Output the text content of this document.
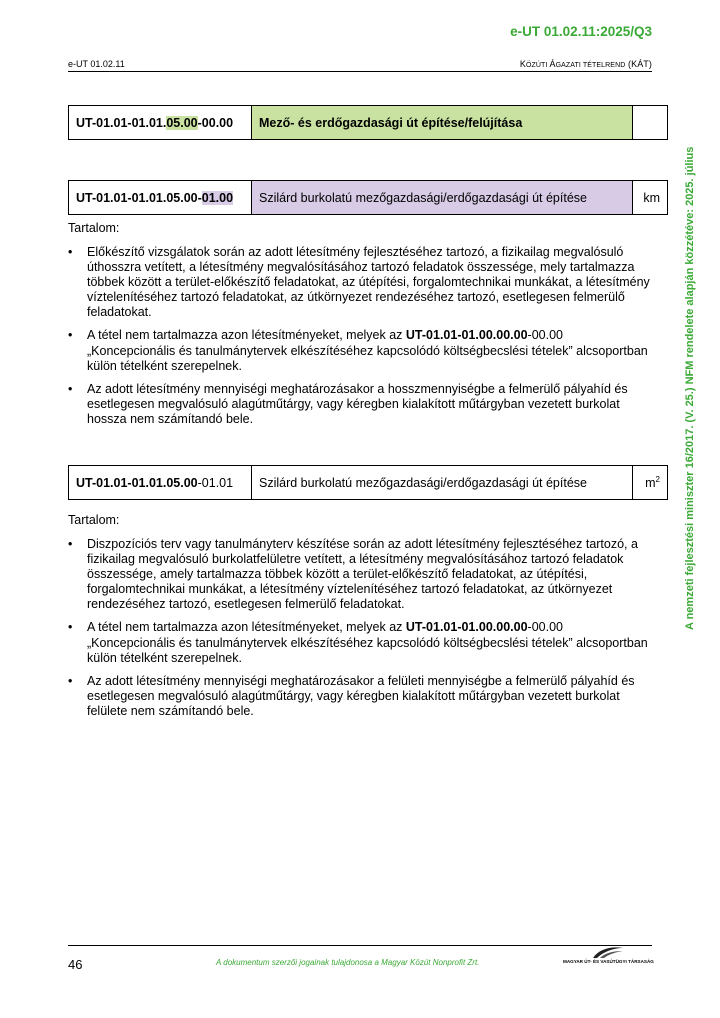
e-UT 01.02.11:2025/Q3
e-UT 01.02.11	KÖZÚTI ÁGAZATI TÉTELREND (KÁT)
A nemzeti fejlesztési miniszter 16/2017. (V. 25.) NFM rendelete alapján közzétéve: 2025. július
UT-01.01-01.01.05.00-00.00	Mező- és erdőgazdasági út építése/felújítása	
UT-01.01-01.01.05.00-01.00	Szilárd burkolatú mezőgazdasági/erdőgazdasági út építése	km
Tartalom:
• Előkészítő vizsgálatok során az adott létesítmény fejlesztéséhez tartozó, a fizikailag megvalósuló úthosszra vetített, a létesítmény megvalósításához tartozó feladatok összessége, mely tartalmazza többek között a terület-előkészítő feladatokat, az útépítési, forgalomtechnikai munkákat, a létesítmény víztelenítéséhez tartozó feladatokat, az útkörnyezet rendezéséhez tartozó, esetlegesen felmerülő feladatokat.
• A tétel nem tartalmazza azon létesítményeket, melyek az UT-01.01-01.00.00.00-00.00 „Koncepcionális és tanulmánytervek elkészítéséhez kapcsolódó költségbecslési tételek” alcsoportban külön tételként szerepelnek.
• Az adott létesítmény mennyiségi meghatározásakor a hosszmennyiségbe a felmerülő pályahíd és esetlegesen megvalósuló alagútműtárgy, vagy kéregben kialakított műtárgyban vezetett burkolat hossza nem számítandó bele.
UT-01.01-01.01.05.00-01.01	Szilárd burkolatú mezőgazdasági/erdőgazdasági út építése	$m^2$
Tartalom:
• Diszpozíciós terv vagy tanulmányterv készítése során az adott létesítmény fejlesztéséhez tartozó, a fizikailag megvalósuló burkolatfelületre vetített, a létesítmény megvalósításához tartozó feladatok összessége, amely tartalmazza többek között a terület-előkészítő feladatokat, az útépítési, forgalomtechnikai munkákat, a létesítmény víztelenítéséhez tartozó feladatokat, az útkörnyezet rendezéséhez tartozó, esetlegesen felmerülő feladatokat.
• A tétel nem tartalmazza azon létesítményeket, melyek az UT-01.01-01.00.00.00-00.00 „Koncepcionális és tanulmánytervek elkészítéséhez kapcsolódó költségbecslési tételek” alcsoportban külön tételként szerepelnek.
• Az adott létesítmény mennyiségi meghatározásakor a felületi mennyiségbe a felmerülő pályahíd és esetlegesen megvalósuló alagútműtárgy, vagy kéregben kialakított műtárgyban vezetett burkolat felülete nem számítandó bele.
46	A dokumentum szerzői jogainak tulajdonosa a Magyar Közút Nonprofit Zrt.	MAGYAR ÚT- ÉS VASÚTÜGYI TÁRSASÁG
